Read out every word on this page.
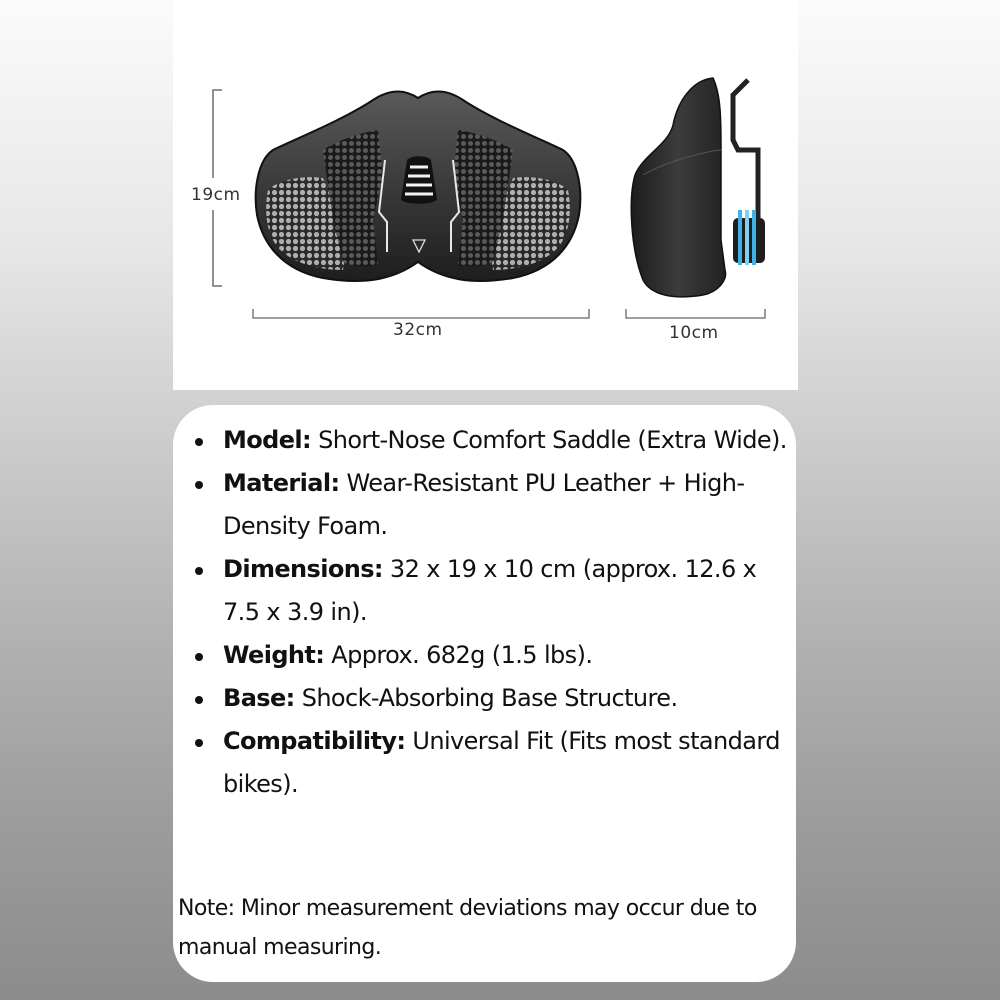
19cm
32cm	10cm
Model: Short-Nose Comfort Saddle (Extra Wide).
Material: Wear-Resistant PU Leather + High-Density Foam.
Dimensions: 32 x 19 x 10 cm (approx. 12.6 x 7.5 x 3.9 in).
Weight: Approx. 682g (1.5 lbs).
Base: Shock-Absorbing Base Structure.
Compatibility: Universal Fit (Fits most standard bikes).
Note: Minor measurement deviations may occur due to manual measuring.
